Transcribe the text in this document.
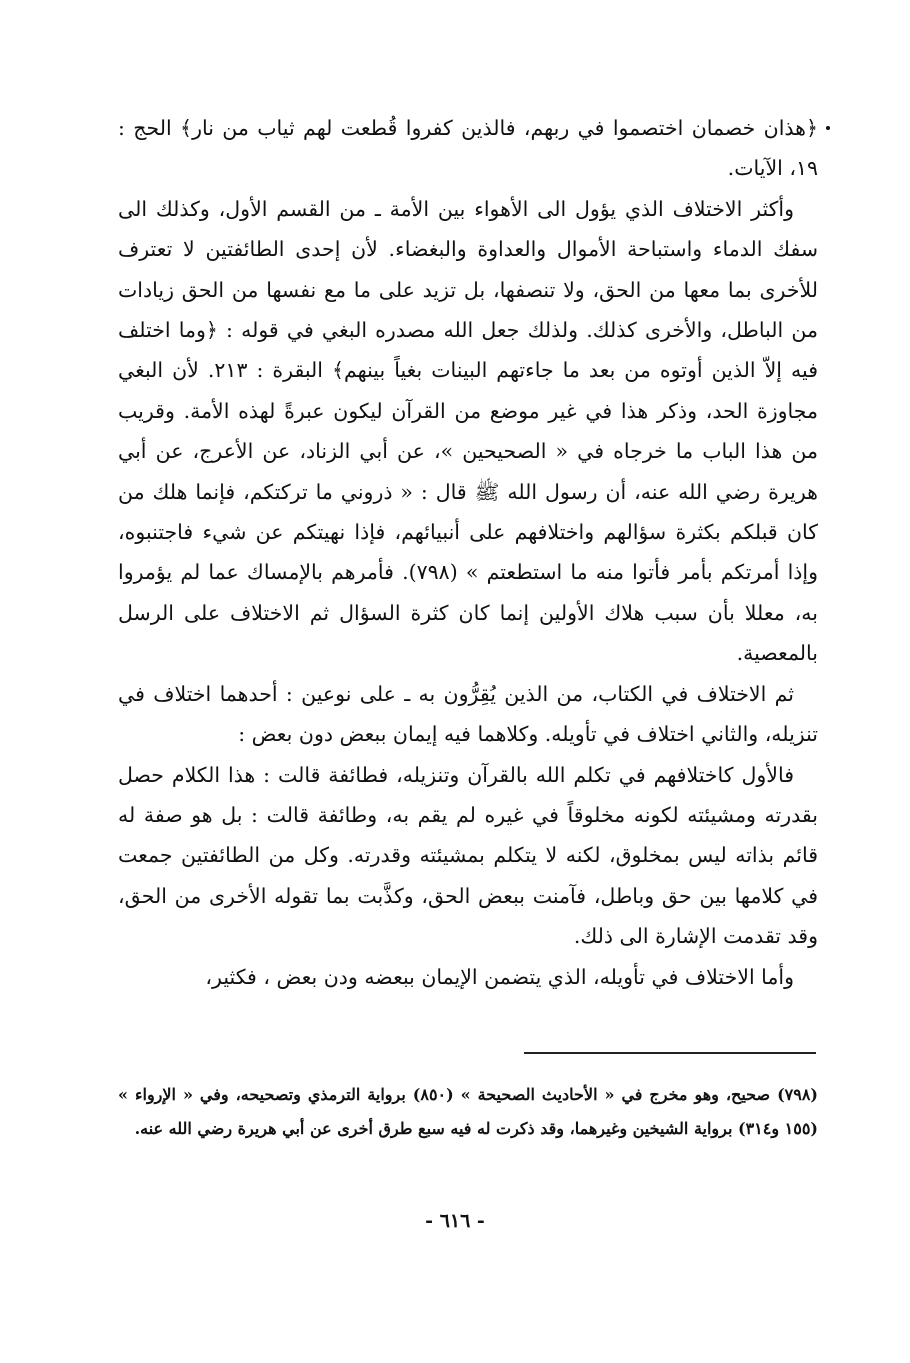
﴿هذان خصمان اختصموا في ربهم، فالذين كفروا قُطعت لهم ثياب من نار﴾ الحج : ١٩، الآيات.

وأكثر الاختلاف الذي يؤول الى الأهواء بين الأمة ـ من القسم الأول، وكذلك الى سفك الدماء واستباحة الأموال والعداوة والبغضاء. لأن إحدى الطائفتين لا تعترف للأخرى بما معها من الحق، ولا تنصفها، بل تزيد على ما مع نفسها من الحق زيادات من الباطل، والأخرى كذلك. ولذلك جعل الله مصدره البغي في قوله : ﴿وما اختلف فيه إلاّ الذين أوتوه من بعد ما جاءتهم البينات بغياً بينهم﴾ البقرة : ٢١٣. لأن البغي مجاوزة الحد، وذكر هذا في غير موضع من القرآن ليكون عبرةً لهذه الأمة. وقريب من هذا الباب ما خرجاه في « الصحيحين »، عن أبي الزناد، عن الأعرج، عن أبي هريرة رضي الله عنه، أن رسول الله ﷺ قال : « ذروني ما تركتكم، فإنما هلك من كان قبلكم بكثرة سؤالهم واختلافهم على أنبيائهم، فإذا نهيتكم عن شيء فاجتنبوه، وإذا أمرتكم بأمر فأتوا منه ما استطعتم » (٧٩٨). فأمرهم بالإمساك عما لم يؤمروا به، معللا بأن سبب هلاك الأولين إنما كان كثرة السؤال ثم الاختلاف على الرسل بالمعصية.

ثم الاختلاف في الكتاب، من الذين يُقِرُّون به ـ على نوعين : أحدهما اختلاف في تنزيله، والثاني اختلاف في تأويله. وكلاهما فيه إيمان ببعض دون بعض :

فالأول كاختلافهم في تكلم الله بالقرآن وتنزيله، فطائفة قالت : هذا الكلام حصل بقدرته ومشيئته لكونه مخلوقاً في غيره لم يقم به، وطائفة قالت : بل هو صفة له قائم بذاته ليس بمخلوق، لكنه لا يتكلم بمشيئته وقدرته. وكل من الطائفتين جمعت في كلامها بين حق وباطل، فآمنت ببعض الحق، وكذَّبت بما تقوله الأخرى من الحق، وقد تقدمت الإشارة الى ذلك.

وأما الاختلاف في تأويله، الذي يتضمن الإيمان ببعضه ودن بعض ، فكثير،

(٧٩٨) صحيح، وهو مخرج في « الأحاديث الصحيحة » (٨٥٠) برواية الترمذي وتصحيحه، وفي « الإرواء » (١٥٥ و٣١٤) برواية الشيخين وغيرهما، وقد ذكرت له فيه سبع طرق أخرى عن أبي هريرة رضي الله عنه.
- ٦١٦ -
